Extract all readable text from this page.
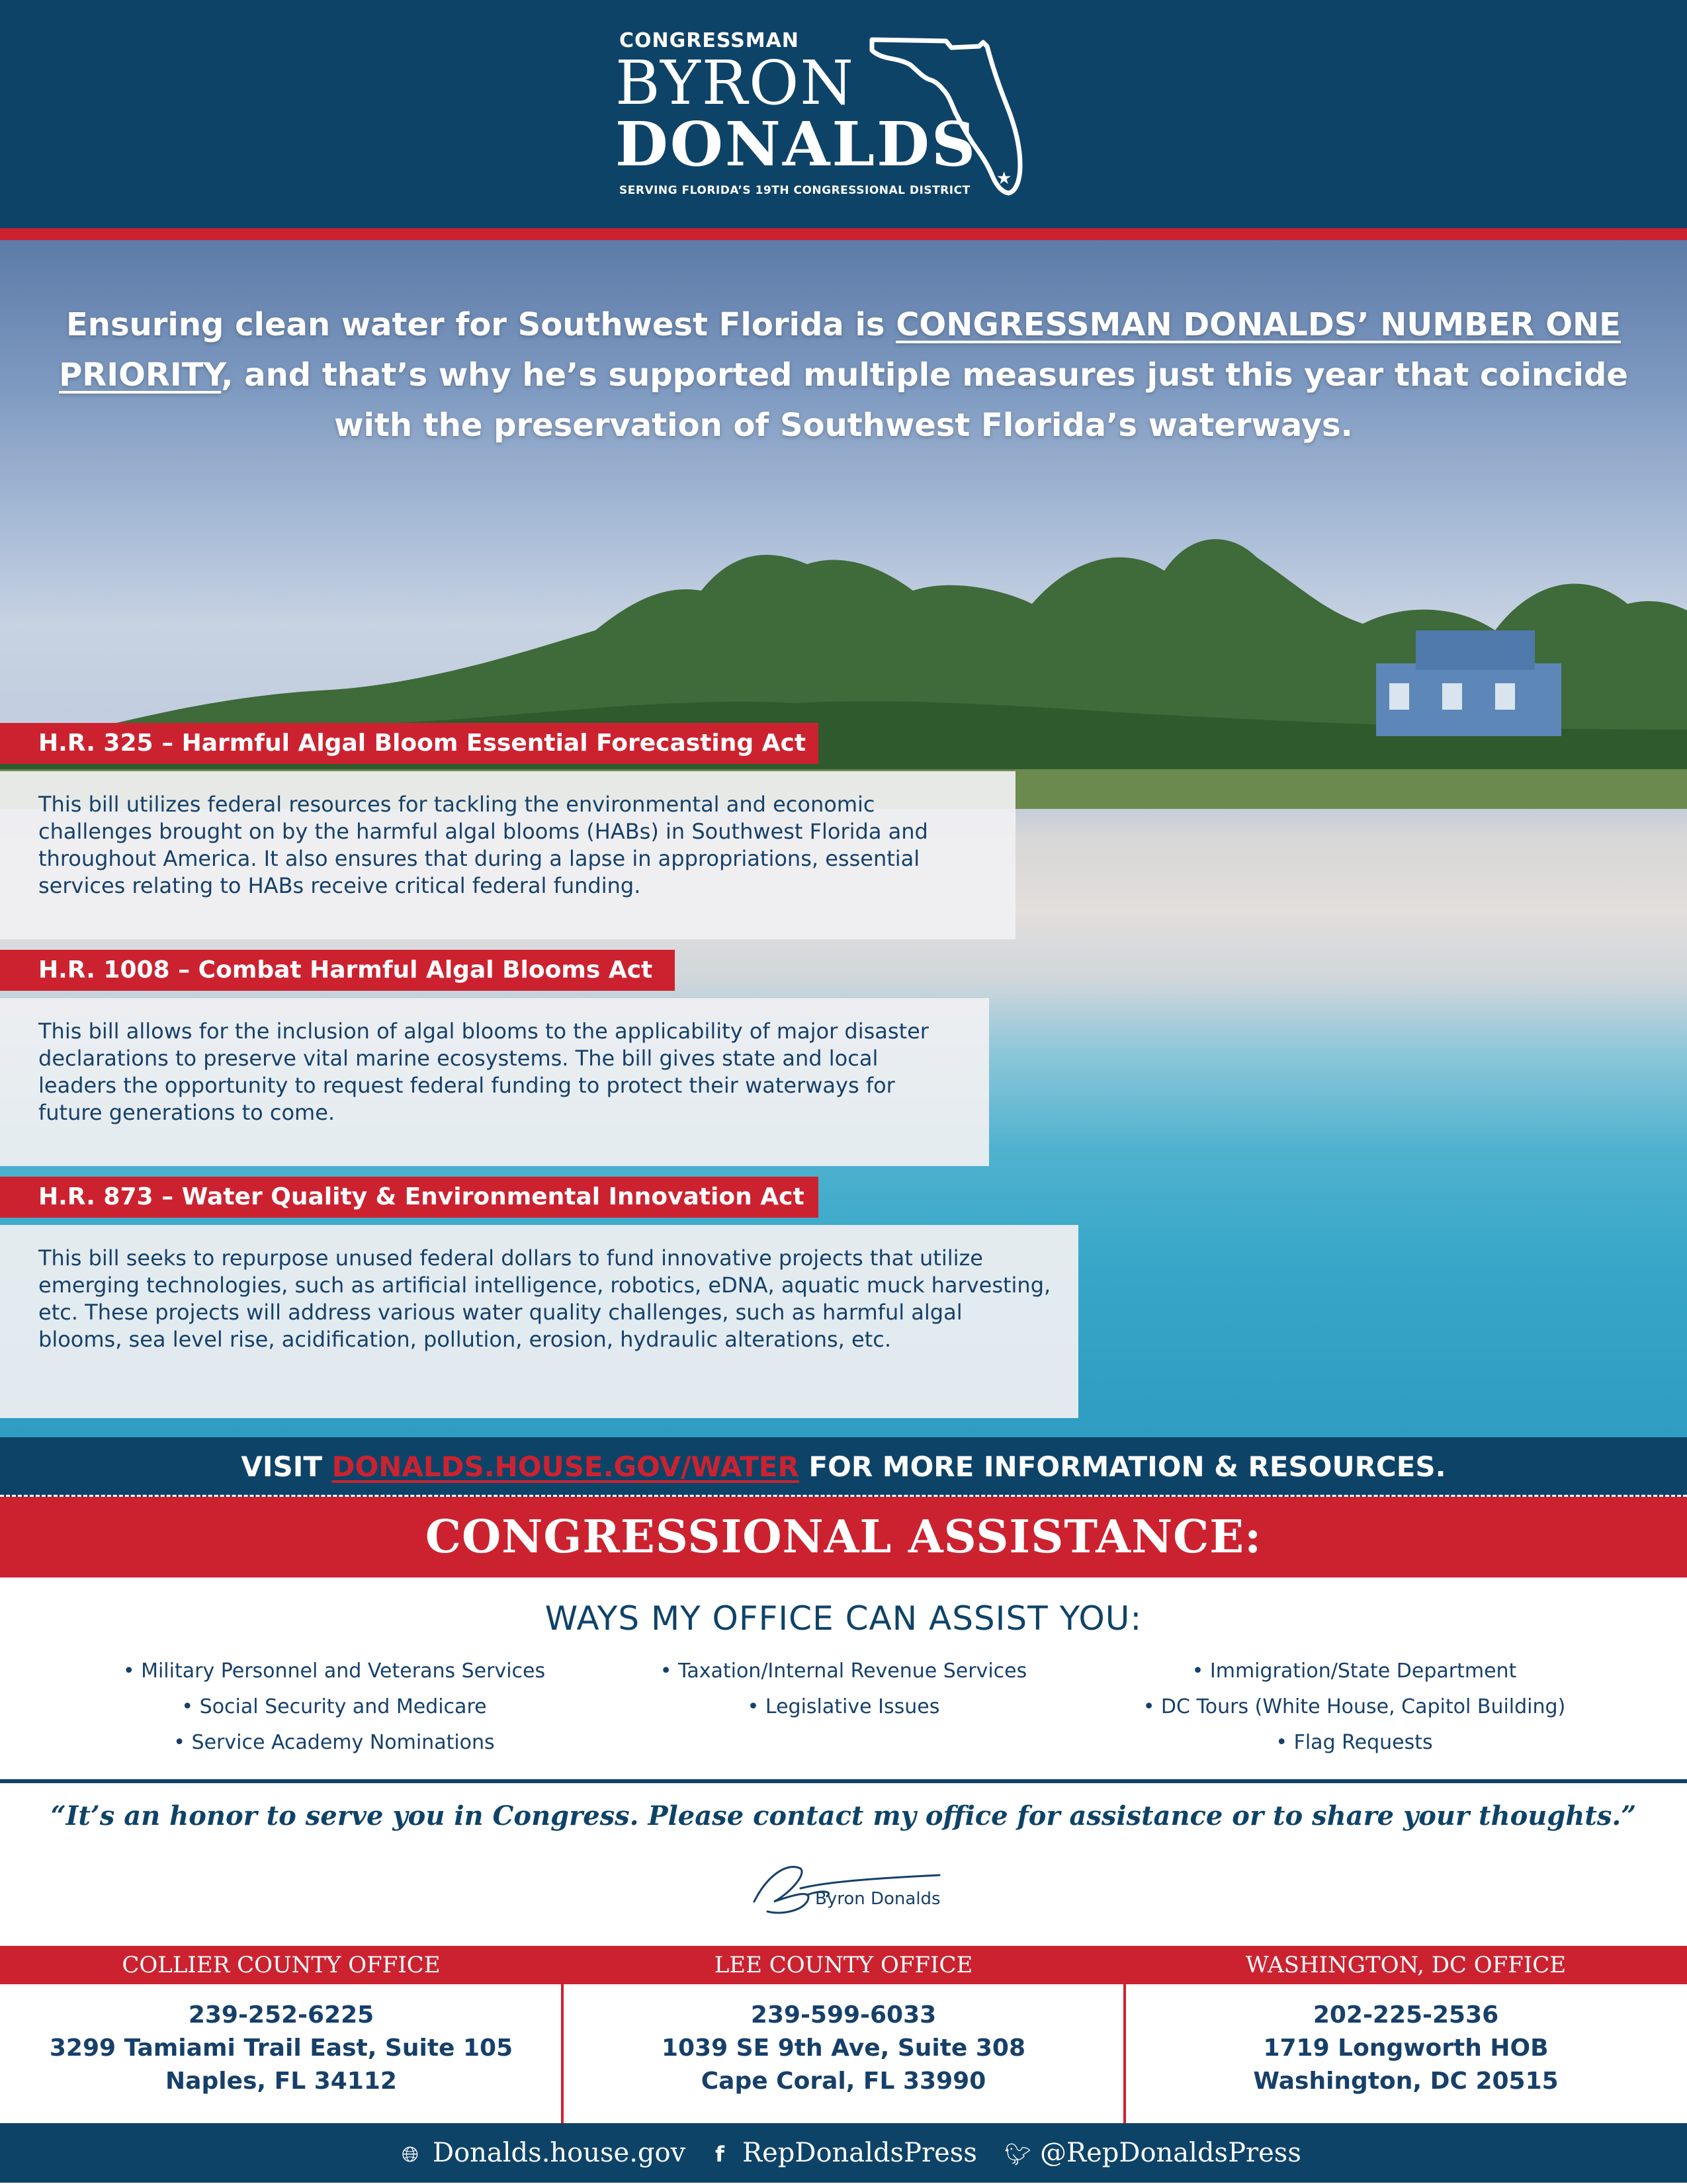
CONGRESSMAN
BYRON
DONALDS
SERVING FLORIDA’S 19TH CONGRESSIONAL DISTRICT
★
Ensuring clean water for Southwest Florida is CONGRESSMAN DONALDS’ NUMBER ONE PRIORITY, and that’s why he’s supported multiple measures just this year that coincide with the preservation of Southwest Florida’s waterways.
H.R. 325 – Harmful Algal Bloom Essential Forecasting Act
This bill utilizes federal resources for tackling the environmental and economic challenges brought on by the harmful algal blooms (HABs) in Southwest Florida and throughout America. It also ensures that during a lapse in appropriations, essential services relating to HABs receive critical federal funding.
H.R. 1008 – Combat Harmful Algal Blooms Act
This bill allows for the inclusion of algal blooms to the applicability of major disaster declarations to preserve vital marine ecosystems. The bill gives state and local leaders the opportunity to request federal funding to protect their waterways for future generations to come.
H.R. 873 – Water Quality & Environmental Innovation Act
This bill seeks to repurpose unused federal dollars to fund innovative projects that utilize emerging technologies, such as artificial intelligence, robotics, eDNA, aquatic muck harvesting, etc. These projects will address various water quality challenges, such as harmful algal blooms, sea level rise, acidification, pollution, erosion, hydraulic alterations, etc.
VISIT DONALDS.HOUSE.GOV/WATER FOR MORE INFORMATION & RESOURCES.
CONGRESSIONAL ASSISTANCE:
WAYS MY OFFICE CAN ASSIST YOU:
• Military Personnel and Veterans Services
• Social Security and Medicare
• Service Academy Nominations
• Taxation/Internal Revenue Services
• Legislative Issues
• Immigration/State Department
• DC Tours (White House, Capitol Building)
• Flag Requests
“It’s an honor to serve you in Congress. Please contact my office for assistance or to share your thoughts.”
Byron Donalds
COLLIER COUNTY OFFICE
239-252-6225
3299 Tamiami Trail East, Suite 105
Naples, FL 34112
LEE COUNTY OFFICE
239-599-6033
1039 SE 9th Ave, Suite 308
Cape Coral, FL 33990
WASHINGTON, DC OFFICE
202-225-2536
1719 Longworth HOB
Washington, DC 20515
🌐︎ Donalds.house.gov	f RepDonaldsPress 🐦︎ @RepDonaldsPress
